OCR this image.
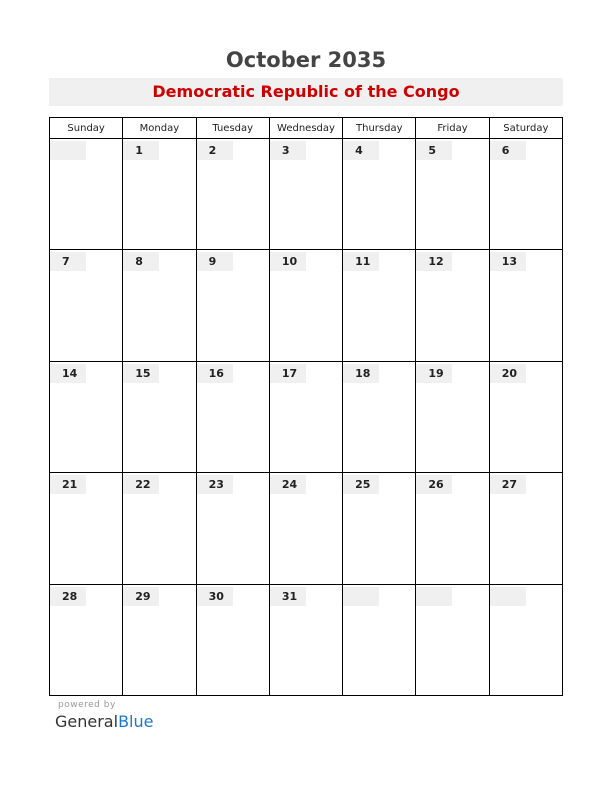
October 2035
Democratic Republic of the Congo
Sunday	Monday	Tuesday	Wednesday	Thursday	Friday	Saturday

	1	2	3	4	5	6

7	8	9	10	11	12	13

14	15	16	17	18	19	20

21	22	23	24	25	26	27

28	29	30	31			

powered by
GeneralBlue
